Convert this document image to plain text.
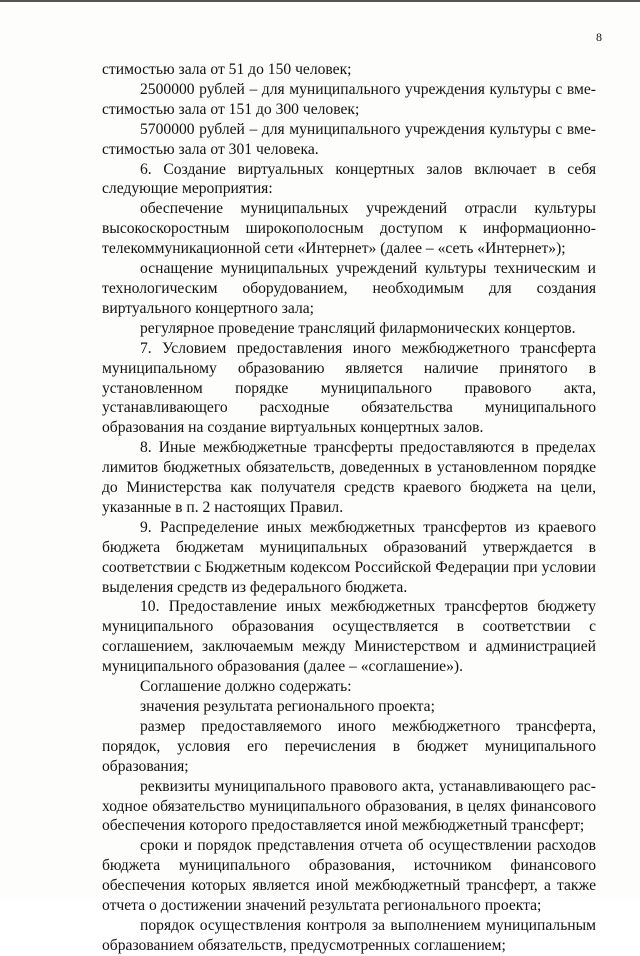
8

стимостью зала от 51 до 150 человек;

2500000 рублей – для муниципального учреждения культуры с вместимостью зала от 151 до 300 человек;

5700000 рублей – для муниципального учреждения культуры с вместимостью зала от 301 человека.

6. Создание виртуальных концертных залов включает в себя следующие мероприятия:

обеспечение муниципальных учреждений отрасли культуры высокоскоростным широкополосным доступом к информационно-телекоммуникационной сети «Интернет» (далее – «сеть «Интернет»);

оснащение муниципальных учреждений культуры техническим и технологическим оборудованием, необходимым для создания виртуального концертного зала;

регулярное проведение трансляций филармонических концертов.

7. Условием предоставления иного межбюджетного трансферта муниципальному образованию является наличие принятого в установленном порядке муниципального правового акта, устанавливающего расходные обязательства муниципального образования на создание виртуальных концертных залов.

8. Иные межбюджетные трансферты предоставляются в пределах лимитов бюджетных обязательств, доведенных в установленном порядке до Министерства как получателя средств краевого бюджета на цели, указанные в п. 2 настоящих Правил.

9. Распределение иных межбюджетных трансфертов из краевого бюджета бюджетам муниципальных образований утверждается в соответствии с Бюджетным кодексом Российской Федерации при условии выделения средств из федерального бюджета.

10. Предоставление иных межбюджетных трансфертов бюджету муниципального образования осуществляется в соответствии с соглашением, заключаемым между Министерством и администрацией муниципального образования (далее – «соглашение»).

Соглашение должно содержать:

значения результата регионального проекта;

размер предоставляемого иного межбюджетного трансферта, порядок, условия его перечисления в бюджет муниципального образования;

реквизиты муниципального правового акта, устанавливающего расходное обязательство муниципального образования, в целях финансового обеспечения которого предоставляется иной межбюджетный трансферт;

сроки и порядок представления отчета об осуществлении расходов бюджета муниципального образования, источником финансового обеспечения которых является иной межбюджетный трансферт, а также отчета о достижении значений результата регионального проекта;

порядок осуществления контроля за выполнением муниципальным образованием обязательств, предусмотренных соглашением;
